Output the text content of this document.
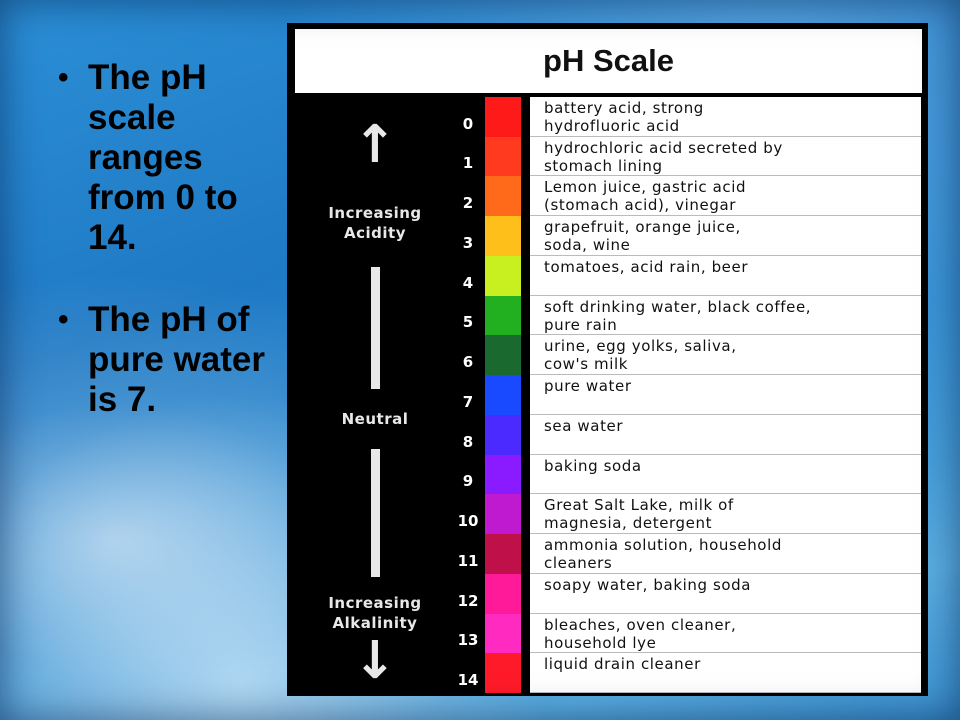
• The pH scale ranges from 0 to 14.
• The pH of pure water is 7.
pH Scale
↑
Increasing
Acidity
Neutral
Increasing
Alkalinity
↓
0
1
2
3
4
5
6
7
8
9
10
11
12
13
14
battery acid, strong
hydrofluoric acid
hydrochloric acid secreted by
stomach lining
Lemon juice, gastric acid
(stomach acid), vinegar
grapefruit, orange juice,
soda, wine
tomatoes, acid rain, beer
soft drinking water, black coffee,
pure rain
urine, egg yolks, saliva,
cow's milk
pure water
sea water
baking soda
Great Salt Lake, milk of
magnesia, detergent
ammonia solution, household
cleaners
soapy water, baking soda
bleaches, oven cleaner,
household lye
liquid drain cleaner
